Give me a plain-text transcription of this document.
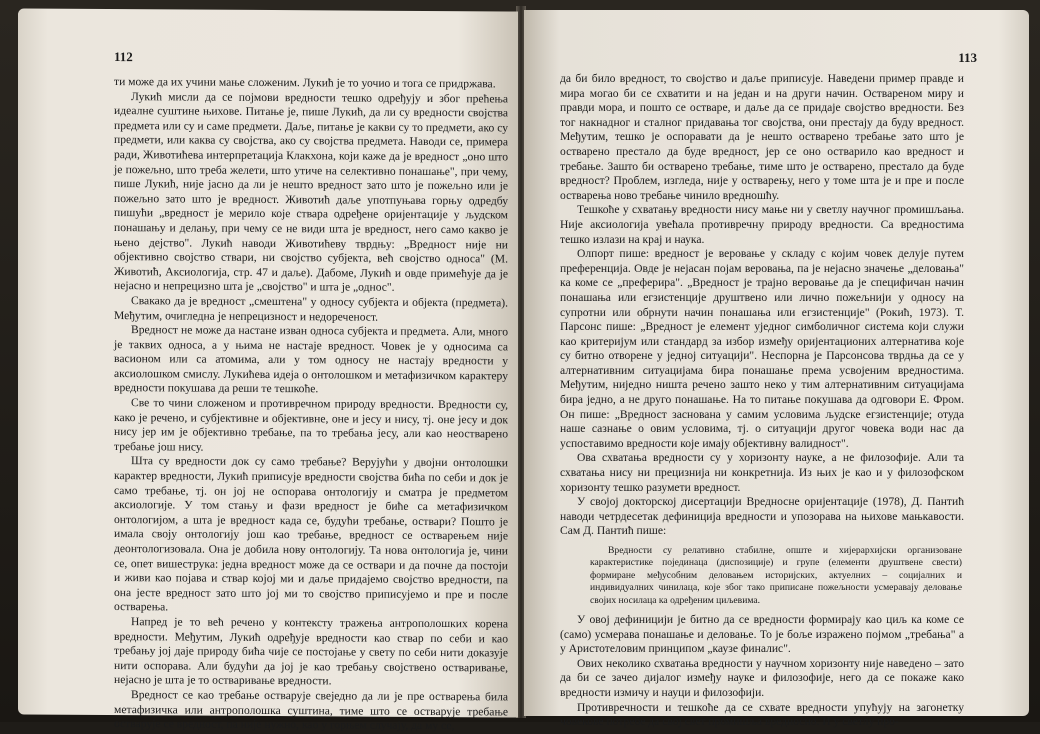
112

ти може да их учини мање сложеним. Лукић је то уочио и тога се придржава.

Лукић мисли да се појмови вредности тешко одређују и због прећења идеалне суштине њихове. Питање је, пише Лукић, да ли су вредности својства предмета или су и саме предмети. Даље, питање је какви су то предмети, ако су предмети, или каква су својства, ако су својства предмета. Наводи се, примера ради, Животићева интерпретација Клакхона, који каже да је вредност „оно што је пожељно, што треба желети, што утиче на селективно понашање", при чему, пише Лукић, није јасно да ли је нешто вредност зато што је пожељно или је пожељно зато што је вредност. Животић даље употпуњава горњу одредбу пишући „вредност је мерило које ствара одређене оријентације у људском понашању и делању, при чему се не види шта је вредност, него само какво је њено дејство". Лукић наводи Животићеву тврдњу: „Вредност није ни објективно својство ствари, ни својство субјекта, већ својство односа" (М. Животић, Аксиологија, стр. 47 и даље). Дабоме, Лукић и овде примећује да је нејасно и непрецизно шта је „својство" и шта је „однос".

Свакако да је вредност „смештена" у односу субјекта и објекта (предмета). Међутим, очигледна је непрецизност и недореченост.

Вредност не може да настане изван односа субјекта и предмета. Али, много је таквих односа, а у њима не настаје вредност. Човек је у односима са васионом или са атомима, али у том односу не настају вредности у аксиолошком смислу. Лукићева идеја о онтолошком и метафизичком карактеру вредности покушава да реши те тешкоће.

Све то чини сложеном и противречном природу вредности. Вредности су, како је речено, и субјективне и објективне, оне и јесу и нису, тј. оне јесу и док нису јер им је објективно требање, па то требања јесу, али као неостварено требање још нису.

Шта су вредности док су само требање? Верујући у двојни онтолошки карактер вредности, Лукић приписује вредности својства бића по себи и док је само требање, тј. он јој не оспорава онтологију и сматра је предметом аксиологије. У том стању и фази вредност је биће са метафизичком онтологијом, а шта је вредност када се, будући требање, оствари? Пошто је имала своју онтологију још као требање, вредност се остварењем није деонтологизовала. Она је добила нову онтологију. Та нова онтологија је, чини се, опет вишеструка: једна вредност може да се оствари и да почне да постоји и живи као појава и ствар којој ми и даље придајемо својство вредности, па она јесте вредност зато што јој ми то својство приписујемо и пре и после остварења.

Напред је то већ речено у контексту тражења антрополошких корена вредности. Међутим, Лукић одређује вредности као ствар по себи и као требању јој даје природу бића чије се постојање у свету по себи нити доказује нити оспорава. Али будући да јој је као требању својствено остваривање, нејасно је шта је то остваривање вредности.

Вредност се као требање остварује свеједно да ли је пре остварења била метафизичка или антрополошка суштина, тиме што се остварује требање остварује се вредност, па није нужно, као у горњем случају, да му се,

113

да би било вредност, то својство и даље приписује. Наведени пример правде и мира могао би се схватити и на један и на други начин. Оствареном миру и правди мора, и пошто се остваре, и даље да се придаје својство вредности. Без тог накнадног и сталног придавања тог својства, они престају да буду вредност. Међутим, тешко је оспоравати да је нешто остварено требање зато што је остварено престало да буде вредност, јер се оно остварило као вредност и требање. Зашто би остварено требање, тиме што је остварено, престало да буде вредност? Проблем, изгледа, није у остварењу, него у томе шта је и пре и после остварења ново требање чинило вредношћу.

Тешкоће у схватању вредности нису мање ни у светлу научног промишљања. Није аксиологија увећала противречну природу вредности. Са вредностима тешко излази на крај и наука.

Олпорт пише: вредност је веровање у складу с којим човек делује путем преференција. Овде је нејасан појам веровања, па је нејасно значење „деловања" ка коме се „преферира". „Вредност је трајно веровање да је специфичан начин понашања или егзистенције друштвено или лично пожељнији у односу на супротни или обрнути начин понашања или егзистенције" (Рокић, 1973). Т. Парсонс пише: „Вредност је елемент уједног симболичног система који служи као критеријум или стандард за избор између оријентационих алтернатива које су битно отворене у једној ситуацији". Неспорна је Парсонсова тврдња да се у алтернативним ситуацијама бира понашање према усвојеним вредностима. Међутим, ниједно ништа речено зашто неко у тим алтернативним ситуацијама бира једно, а не друго понашање. На то питање покушава да одговори Е. Фром. Он пише: „Вредност заснована у самим условима људске егзистенције; отуда наше сазнање о овим условима, тј. о ситуацији другог човека води нас да успоставимо вредности које имају објективну валидност".

Ова схватања вредности су у хоризонту науке, а не филозофије. Али та схватања нису ни прецизнија ни конкретнија. Из њих је као и у филозофском хоризонту тешко разумети вредност.

У својој докторској дисертацији Вредносне оријентације (1978), Д. Пантић наводи четрдесетак дефиниција вредности и упозорава на њихове мањкавости. Сам Д. Пантић пише:

Вредности су релативно стабилне, опште и хијерархијски организоване карактеристике појединаца (диспозиције) и групе (елементи друштвене свести) формиране међусобним деловањем историјских, актуелних – социјалних и индивидуалних чинилаца, које због тако приписане пожељности усмеравају деловање својих носилаца ка одређеним циљевима.

У овој дефиницији је битно да се вредности формирају као циљ ка коме се (само) усмерава понашање и деловање. То је боље изражено појмом „требања" а у Аристотеловим принципом „каузе финалис".

Ових неколико схватања вредности у научном хоризонту није наведено – зато да би се зачео дијалог између науке и филозофије, него да се покаже како вредности измичу и науци и филозофији.

Противречности и тешкоће да се схвате вредности упућују на загонетку човекове потребе да свој свет промишља вредносно. И у светлу про-
